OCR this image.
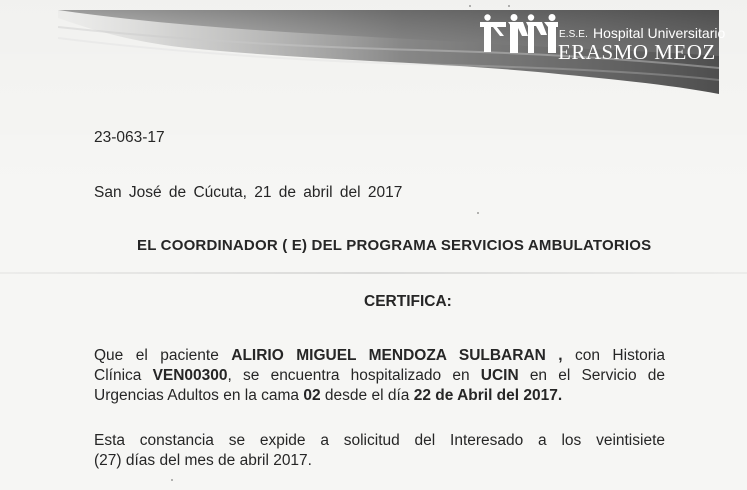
E.S.E. Hospital Universitario
ERASMO MEOZ
23-063-17
San José de Cúcuta, 21 de abril del 2017
EL COORDINADOR ( E) DEL PROGRAMA SERVICIOS AMBULATORIOS
CERTIFICA:

Que el paciente ALIRIO MIGUEL MENDOZA SULBARAN , con Historia

Clínica VEN00300, se encuentra hospitalizado en UCIN en el Servicio de

Urgencias Adultos en la cama 02 desde el día 22 de Abril del 2017.

Esta constancia se expide a solicitud del Interesado a los veintisiete

(27) días del mes de abril 2017.
